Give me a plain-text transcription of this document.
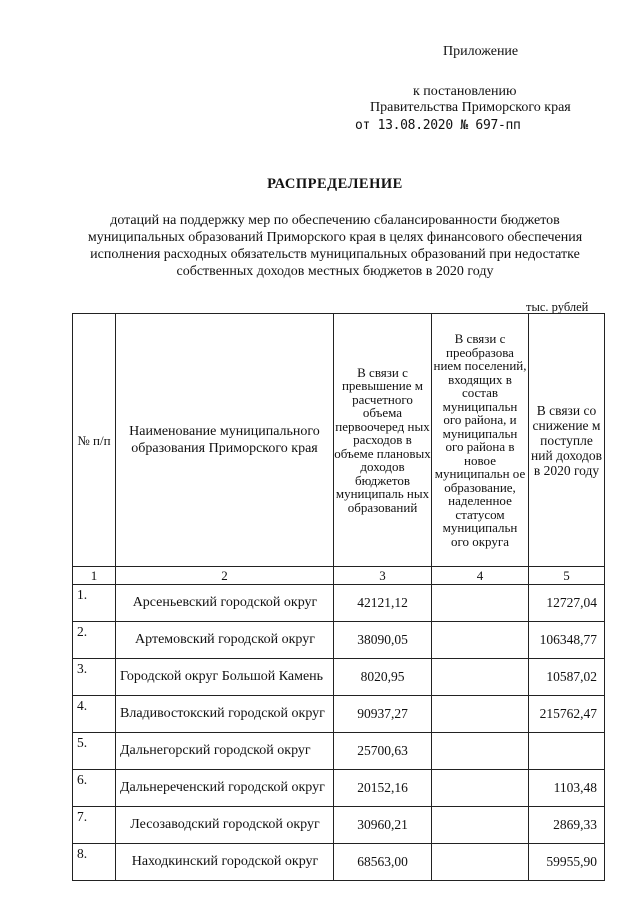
Приложение
к постановлению
Правительства Приморского края
от 13.08.2020 № 697-пп
РАСПРЕДЕЛЕНИЕ
дотаций на поддержку мер по обеспечению сбалансированности бюджетов муниципальных образований Приморского края в целях финансового обеспечения исполнения расходных обязательств муниципальных образований при недостатке собственных доходов местных бюджетов в 2020 году
тыс. рублей
№ п/п	Наименование муниципального образования Приморского края	В связи с превышение м расчетного объема первоочеред ных расходов в объеме плановых доходов бюджетов муниципаль ных образований	В связи с преобразова нием поселений, входящих в состав муниципальн ого района, и муниципальн ого района в новое муниципальн ое образование, наделенное статусом муниципальн ого округа	В связи со снижение м поступле ний доходов в 2020 году
1	2	3	4	5
1.	Арсеньевский городской округ	42121,12		12727,04
2.	Артемовский городской округ	38090,05		106348,77
3.	Городской округ Большой Камень	8020,95		10587,02
4.	Владивостокский городской округ	90937,27		215762,47
5.	Дальнегорский городской округ	25700,63		
6.	Дальнереченский городской округ	20152,16		1103,48
7.	Лесозаводский городской округ	30960,21		2869,33
8.	Находкинский городской округ	68563,00		59955,90
